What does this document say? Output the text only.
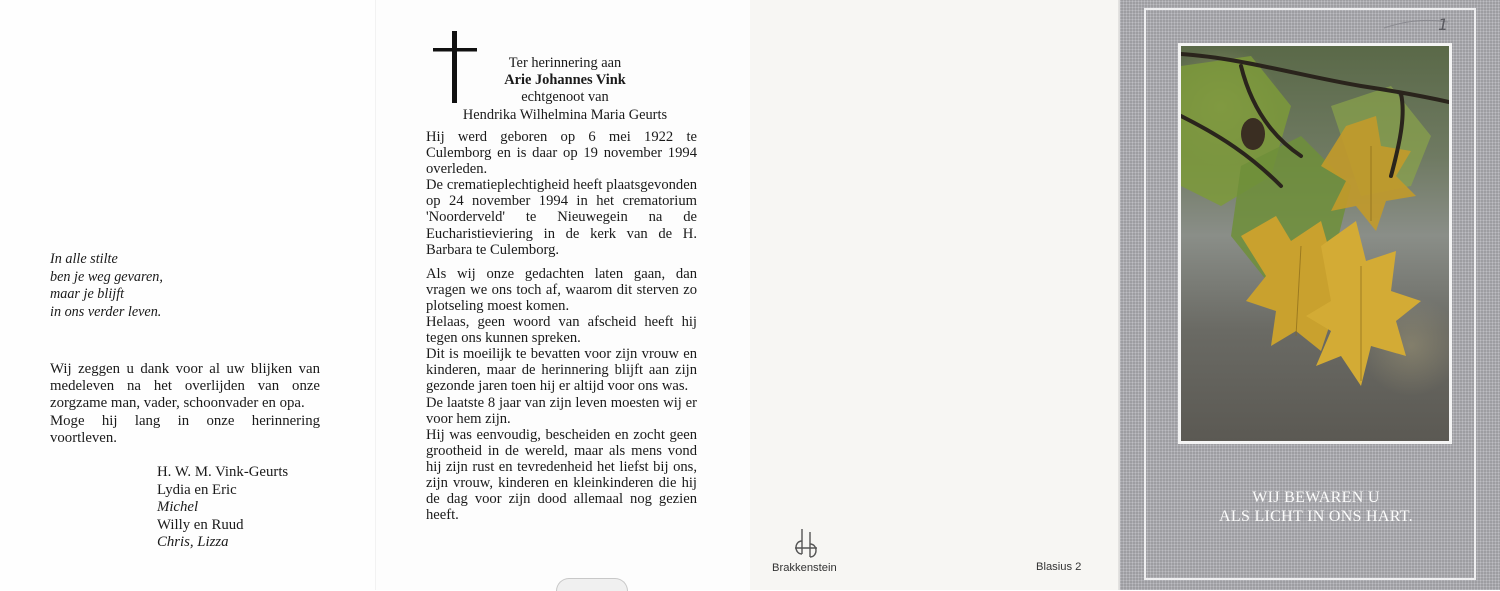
In alle stilte
ben je weg gevaren,
maar je blijft
in ons verder leven.
Wij zeggen u dank voor al uw blijken van medeleven na het overlijden van onze zorgzame man, vader, schoonvader en opa.
Moge hij lang in onze herinnering voortleven.
H. W. M. Vink-Geurts
Lydia en Eric
Michel
Willy en Ruud
Chris, Lizza
Ter herinnering aan
Arie Johannes Vink
echtgenoot van
Hendrika Wilhelmina Maria Geurts

Hij werd geboren op 6 mei 1922 te Culemborg en is daar op 19 november 1994 overleden.

De crematieplechtigheid heeft plaatsgevonden op 24 november 1994 in het crematorium 'Noorderveld' te Nieuwegein na de Eucharistieviering in de kerk van de H. Barbara te Culemborg.

Als wij onze gedachten laten gaan, dan vragen we ons toch af, waarom dit sterven zo plotseling moest komen.

Helaas, geen woord van afscheid heeft hij tegen ons kunnen spreken.

Dit is moeilijk te bevatten voor zijn vrouw en kinderen, maar de herinnering blijft aan zijn gezonde jaren toen hij er altijd voor ons was.

De laatste 8 jaar van zijn leven moesten wij er voor hem zijn.

Hij was eenvoudig, bescheiden en zocht geen grootheid in de wereld, maar als mens vond hij zijn rust en tevredenheid het liefst bij ons, zijn vrouw, kinderen en kleinkinderen die hij de dag voor zijn dood allemaal nog gezien heeft.

Brakkenstein	Blasius 2
1
WIJ BEWAREN U
ALS LICHT IN ONS HART.
